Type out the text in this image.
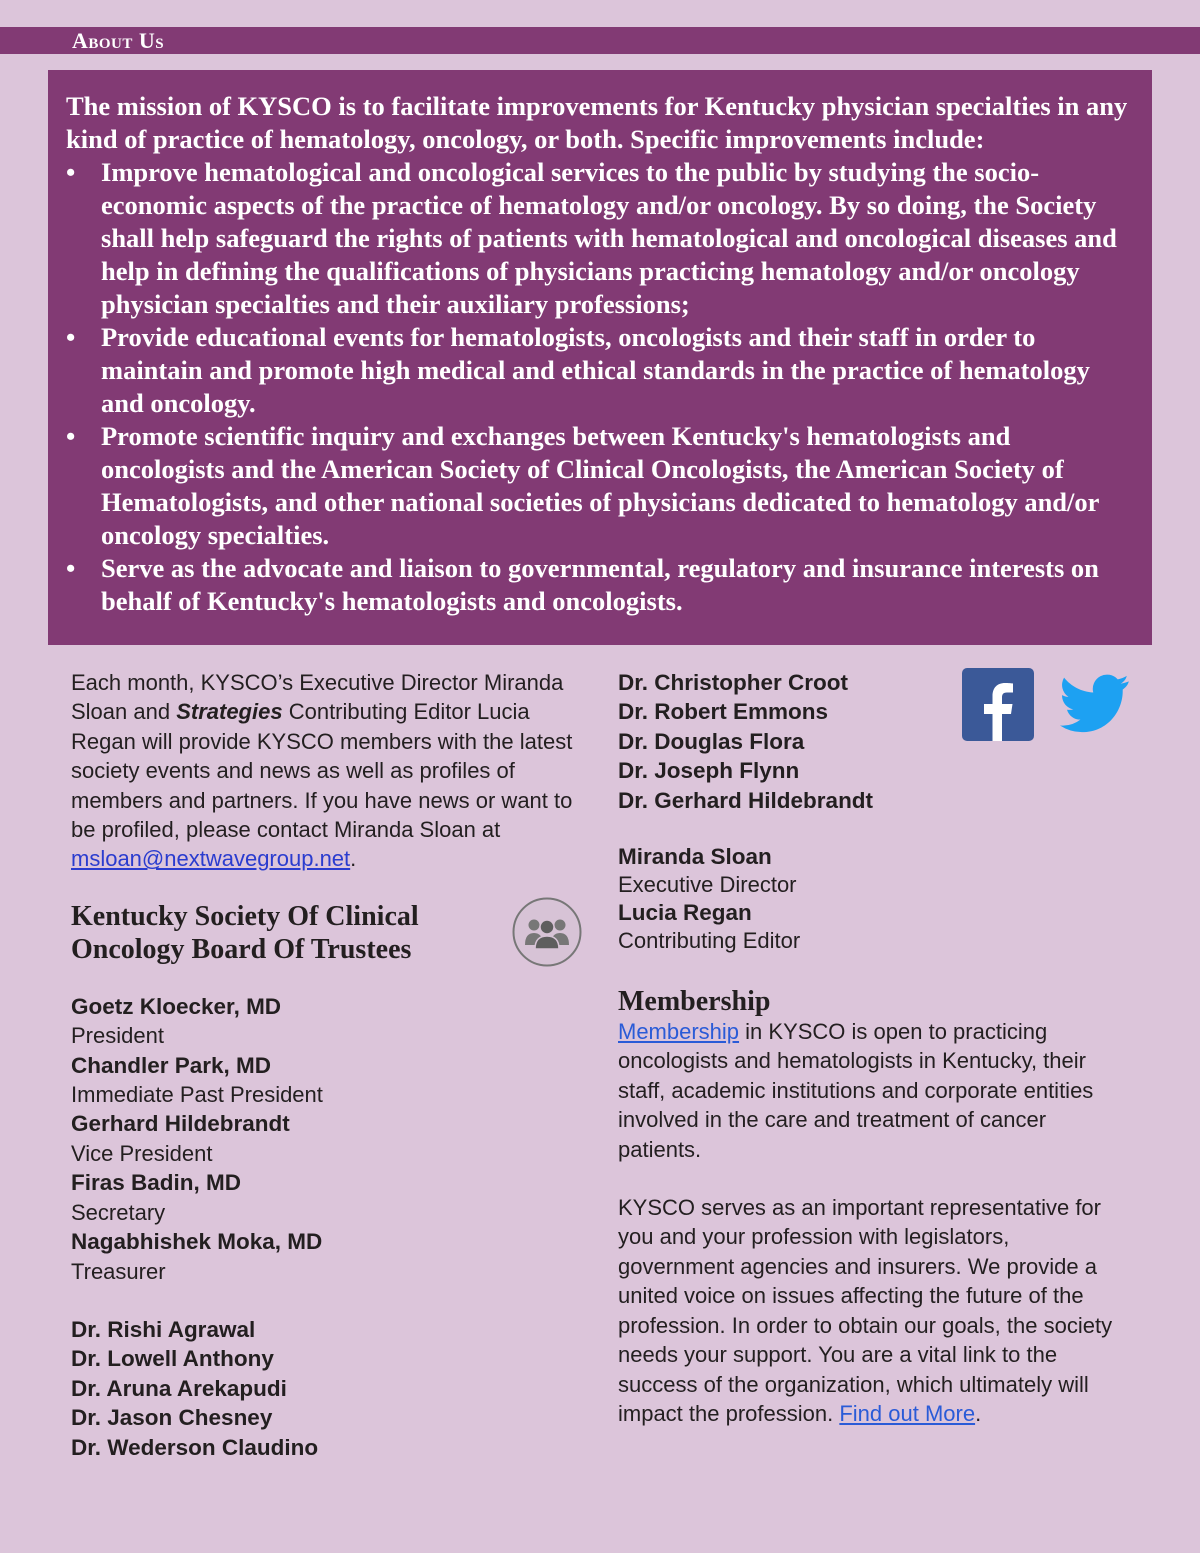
About Us

The mission of KYSCO is to facilitate improvements for Kentucky physician specialties in any kind of practice of hematology, oncology, or both. Specific improvements include:

• Improve hematological and oncological services to the public by studying the socio-economic aspects of the practice of hematology and/or oncology. By so doing, the Society shall help safeguard the rights of patients with hematological and oncological diseases and help in defining the qualifications of physicians practicing hematology and/or oncology physician specialties and their auxiliary professions;
• Provide educational events for hematologists, oncologists and their staff in order to maintain and promote high medical and ethical standards in the practice of hematology and oncology.
• Promote scientific inquiry and exchanges between Kentucky's hematologists and oncologists and the American Society of Clinical Oncologists, the American Society of Hematologists, and other national societies of physicians dedicated to hematology and/or oncology specialties.
• Serve as the advocate and liaison to governmental, regulatory and insurance interests on behalf of Kentucky's hematologists and oncologists.

Each month, KYSCO’s Executive Director Miranda Sloan and Strategies Contributing Editor Lucia Regan will provide KYSCO members with the latest society events and news as well as profiles of members and partners. If you have news or want to be profiled, please contact Miranda Sloan at msloan@nextwavegroup.net.

Kentucky Society Of Clinical
Oncology Board Of Trustees
Goetz Kloecker, MD
President
Chandler Park, MD
Immediate Past President
Gerhard Hildebrandt
Vice President
Firas Badin, MD
Secretary
Nagabhishek Moka, MD
Treasurer
Dr. Rishi Agrawal
Dr. Lowell Anthony
Dr. Aruna Arekapudi
Dr. Jason Chesney
Dr. Wederson Claudino
Dr. Christopher Croot
Dr. Robert Emmons
Dr. Douglas Flora
Dr. Joseph Flynn
Dr. Gerhard Hildebrandt
Miranda Sloan
Executive Director
Lucia Regan
Contributing Editor
Membership

Membership in KYSCO is open to practicing oncologists and hematologists in Kentucky, their staff, academic institutions and corporate entities involved in the care and treatment of cancer patients.

KYSCO serves as an important representative for you and your profession with legislators, government agencies and insurers. We provide a united voice on issues affecting the future of the profession. In order to obtain our goals, the society needs your support. You are a vital link to the success of the organization, which ultimately will impact the profession. Find out More.
